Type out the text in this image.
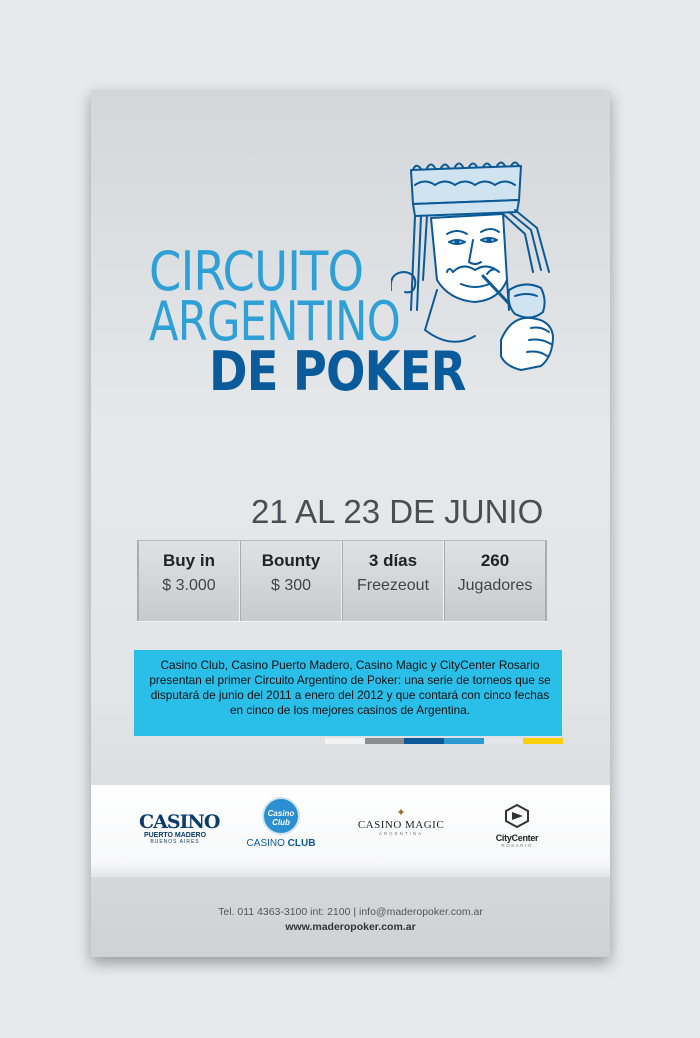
CIRCUITO
ARGENTINO
DE POKER
21 AL 23 DE JUNIO
Buy in
$ 3.000
Bounty
$ 300
3 días
Freezeout
260
Jugadores
Casino Club, Casino Puerto Madero, Casino Magic y CityCenter Rosario presentan el primer Circuito Argentino de Poker: una serie de torneos que se disputará de junio del 2011 a enero del 2012 y que contará con cinco fechas en cinco de los mejores casinos de Argentina.
CASINO
PUERTO MADERO
BUENOS AIRES
Casino
Club
CASINO CLUB
✦
CASINO MAGIC
ARGENTINA	CityCenter
ROSARIO
Tel. 011 4363-3100 int: 2100 | info@maderopoker.com.ar
www.maderopoker.com.ar
